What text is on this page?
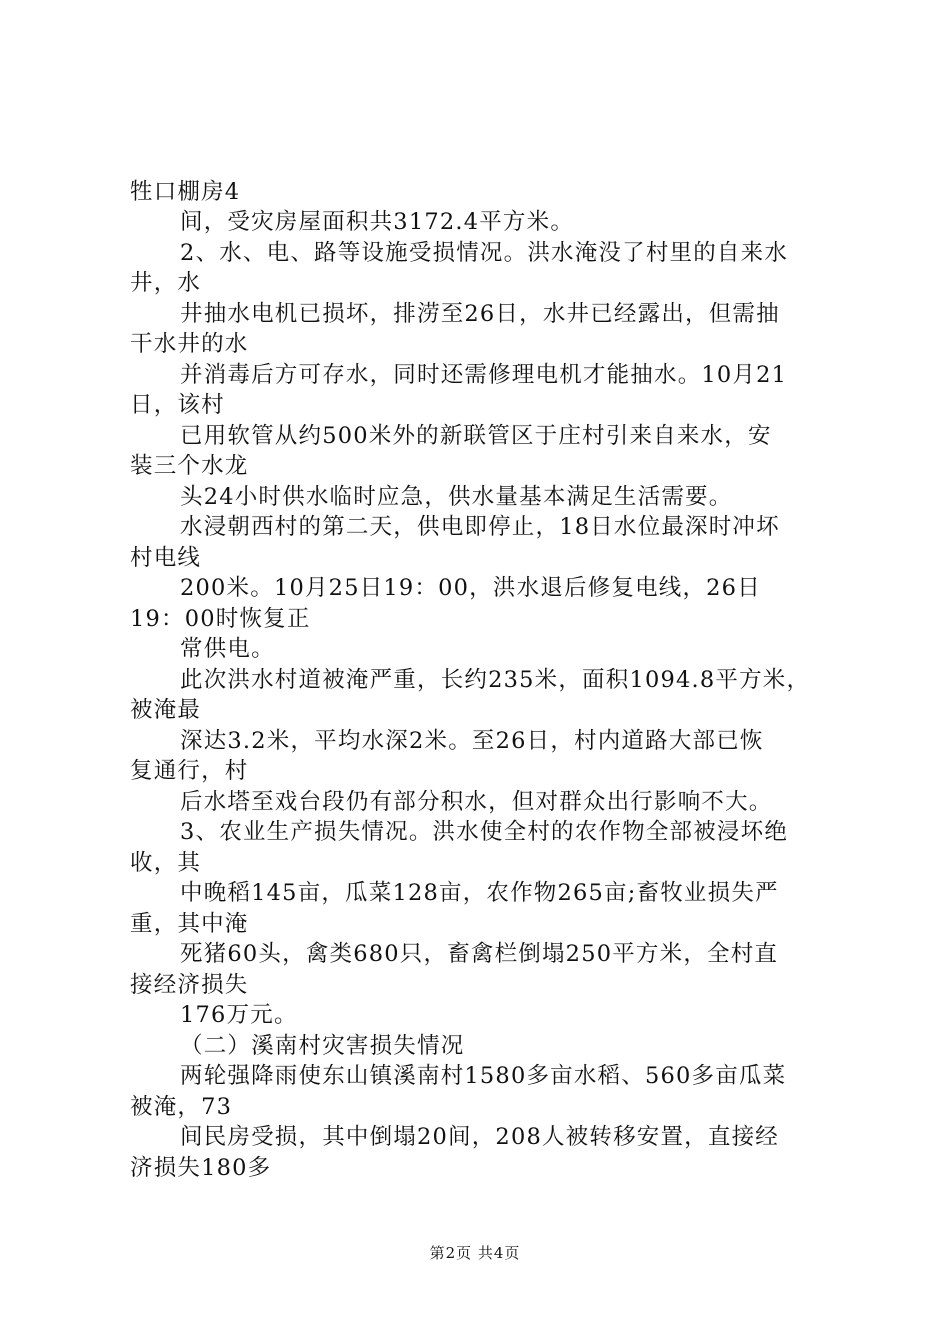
牲口棚房4
间，受灾房屋面积共3172.4平方米。
2、水、电、路等设施受损情况。洪水淹没了村里的自来水
井，水
井抽水电机已损坏，排涝至26日，水井已经露出，但需抽
干水井的水
并消毒后方可存水，同时还需修理电机才能抽水。10月21
日，该村
已用软管从约500米外的新联管区于庄村引来自来水，安
装三个水龙
头24小时供水临时应急，供水量基本满足生活需要。
水浸朝西村的第二天，供电即停止，18日水位最深时冲坏
村电线
200米。10月25日19：00，洪水退后修复电线，26日
19：00时恢复正
常供电。
此次洪水村道被淹严重，长约235米，面积1094.8平方米，
被淹最
深达3.2米，平均水深2米。至26日，村内道路大部已恢
复通行，村
后水塔至戏台段仍有部分积水，但对群众出行影响不大。
3、农业生产损失情况。洪水使全村的农作物全部被浸坏绝
收，其
中晚稻145亩，瓜菜128亩，农作物265亩;畜牧业损失严
重，其中淹
死猪60头，禽类680只，畜禽栏倒塌250平方米，全村直
接经济损失
176万元。
（二）溪南村灾害损失情况
两轮强降雨使东山镇溪南村1580多亩水稻、560多亩瓜菜
被淹，73
间民房受损，其中倒塌20间，208人被转移安置，直接经
济损失180多
第2页 共4页
